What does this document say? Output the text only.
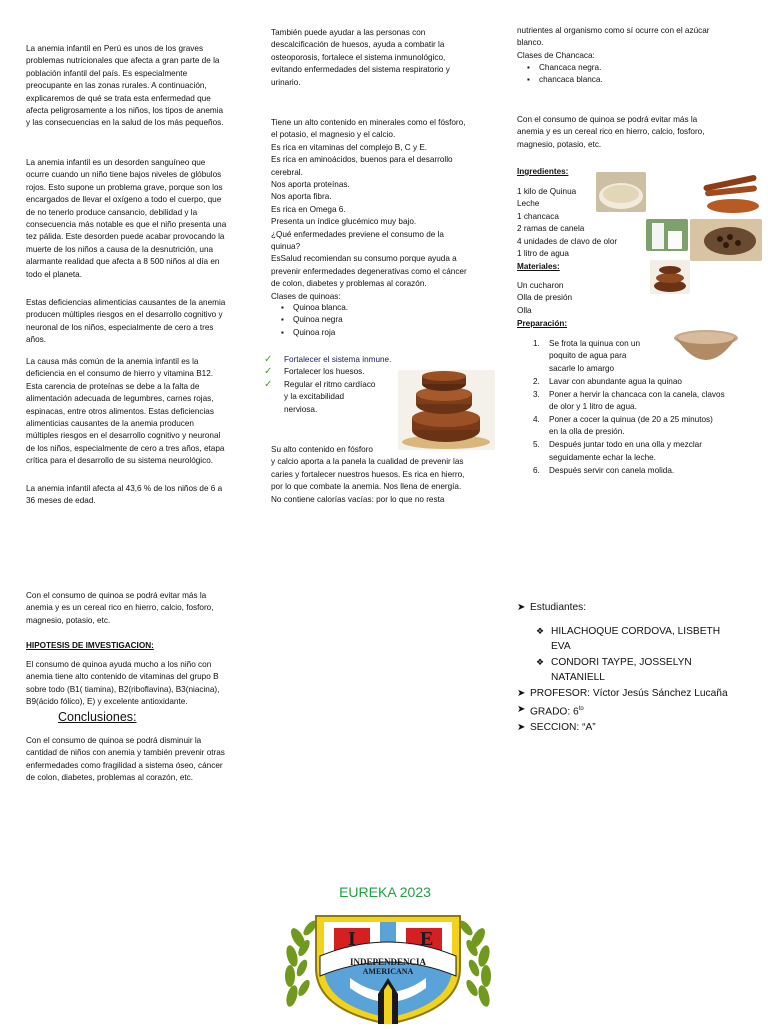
La anemia infantil en Perú es unos de los graves
problemas nutricionales que afecta a gran parte de la
población infantil del país. Es especialmente
preocupante en las zonas rurales. A continuación,
explicaremos de qué se trata esta enfermedad que
afecta peligrosamente a los niños, los tipos de anemia
y las consecuencias en la salud de los más pequeños.
La anemia infantil es un desorden sanguíneo que
ocurre cuando un niño tiene bajos niveles de glóbulos
rojos. Esto supone un problema grave, porque son los
encargados de llevar el oxígeno a todo el cuerpo, que
de no tenerlo produce cansancio, debilidad y la
consecuencia más notable es que el niño presenta una
tez pálida. Este desorden puede acabar provocando la
muerte de los niños a causa de la desnutrición, una
alarmante realidad que afecta a 8 500 niños al día en
todo el planeta.
Estas deficiencias alimenticias causantes de la anemia
producen múltiples riesgos en el desarrollo cognitivo y
neuronal de los niños, especialmente de cero a tres
años.
La causa más común de la anemia infantil es la
deficiencia en el consumo de hierro y vitamina B12.
Esta carencia de proteínas se debe a la falta de
alimentación adecuada de legumbres, carnes rojas,
espinacas, entre otros alimentos. Estas deficiencias
alimenticias causantes de la anemia producen
múltiples riesgos en el desarrollo cognitivo y neuronal
de los niños, especialmente de cero a tres años, etapa
crítica para el desarrollo de su sistema neurológico.
La anemia infantil afecta al 43,6 % de los niños de 6 a
36 meses de edad.
Con el consumo de quinoa se podrá evitar más la
anemia y es un cereal rico en hierro, calcio, fosforo,
magnesio, potasio, etc.
HIPOTESIS DE IMVESTIGACION:
El consumo de quinoa ayuda mucho a los niño con
anemia tiene alto contenido de vitaminas del grupo B
sobre todo (B1( tiamina), B2(riboflavina), B3(niacina),
B9(ácido fólico), E) y excelente antioxidante.
Conclusiones:
Con el consumo de quinoa se podrá disminuir la
cantidad de niños con anemia y también prevenir otras
enfermedades como fragilidad a sistema óseo, cáncer
de colon, diabetes, problemas al corazón, etc.
También puede ayudar a las personas con
descalcificación de huesos, ayuda a combatir la
osteoporosis, fortalece el sistema inmunológico,
evitando enfermedades del sistema respiratorio y
urinario.
Tiene un alto contenido en minerales como el fósforo,
el potasio, el magnesio y el calcio.
Es rica en vitaminas del complejo B, C y E.
Es rica en aminoácidos, buenos para el desarrollo
cerebral.
Nos aporta proteínas.
Nos aporta fibra.
Es rica en Omega 6.
Presenta un índice glucémico muy bajo.
¿Qué enfermedades previene el consumo de la
quinua?
EsSalud recomiendan su consumo porque ayuda a
prevenir enfermedades degenerativas como el cáncer
de colon, diabetes y problemas al corazón.
Clases de quinoas:
▪ Quinoa blanca.
▪ Quinoa negra
▪ Quinoa roja
✓ Fortalecer el sistema inmune.
✓ Fortalecer los huesos.
✓ Regular el ritmo cardíaco
y la excitabilidad
nerviosa.
Su alto contenido en fósforo
y calcio aporta a la panela la cualidad de prevenir las
caries y fortalecer nuestros huesos. Es rica en hierro,
por lo que combate la anemia. Nos llena de energía.
No contiene calorías vacías: por lo que no resta
nutrientes al organismo como sí ocurre con el azúcar
blanco.
Clases de Chancaca:
▪ Chancaca negra.
▪ chancaca blanca.
Con el consumo de quinoa se podrá evitar más la
anemia y es un cereal rico en hierro, calcio, fosforo,
magnesio, potasio, etc.
Ingredientes:
1 kilo de Quinua
Leche
1 chancaca
2 ramas de canela
4 unidades de clavo de olor
1 litro de agua
Materiales:
Un cucharon
Olla de presión
Olla
Preparación:
1. Se frota la quinua con un
poquito de agua para
sacarle lo amargo
2. Lavar con abundante agua la quinao
3. Poner a hervir la chancaca con la canela, clavos
de olor y 1 litro de agua.
4. Poner a cocer la quinua (de 20 a 25 minutos)
en la olla de presión.
5. Después juntar todo en una olla y mezclar
seguidamente echar la leche.
6. Después servir con canela molida.
➤ Estudiantes:
❖ HILACHOQUE CORDOVA, LISBETH
EVA
❖ CONDORI TAYPE, JOSSELYN
NATANIELL
➤ PROFESOR: Víctor Jesús Sánchez Lucaña
➤ GRADO: $6^{to}$
➤ SECCION: “A”
EUREKA 2023
I	E
INDEPENDENCIA
AMERICANA
